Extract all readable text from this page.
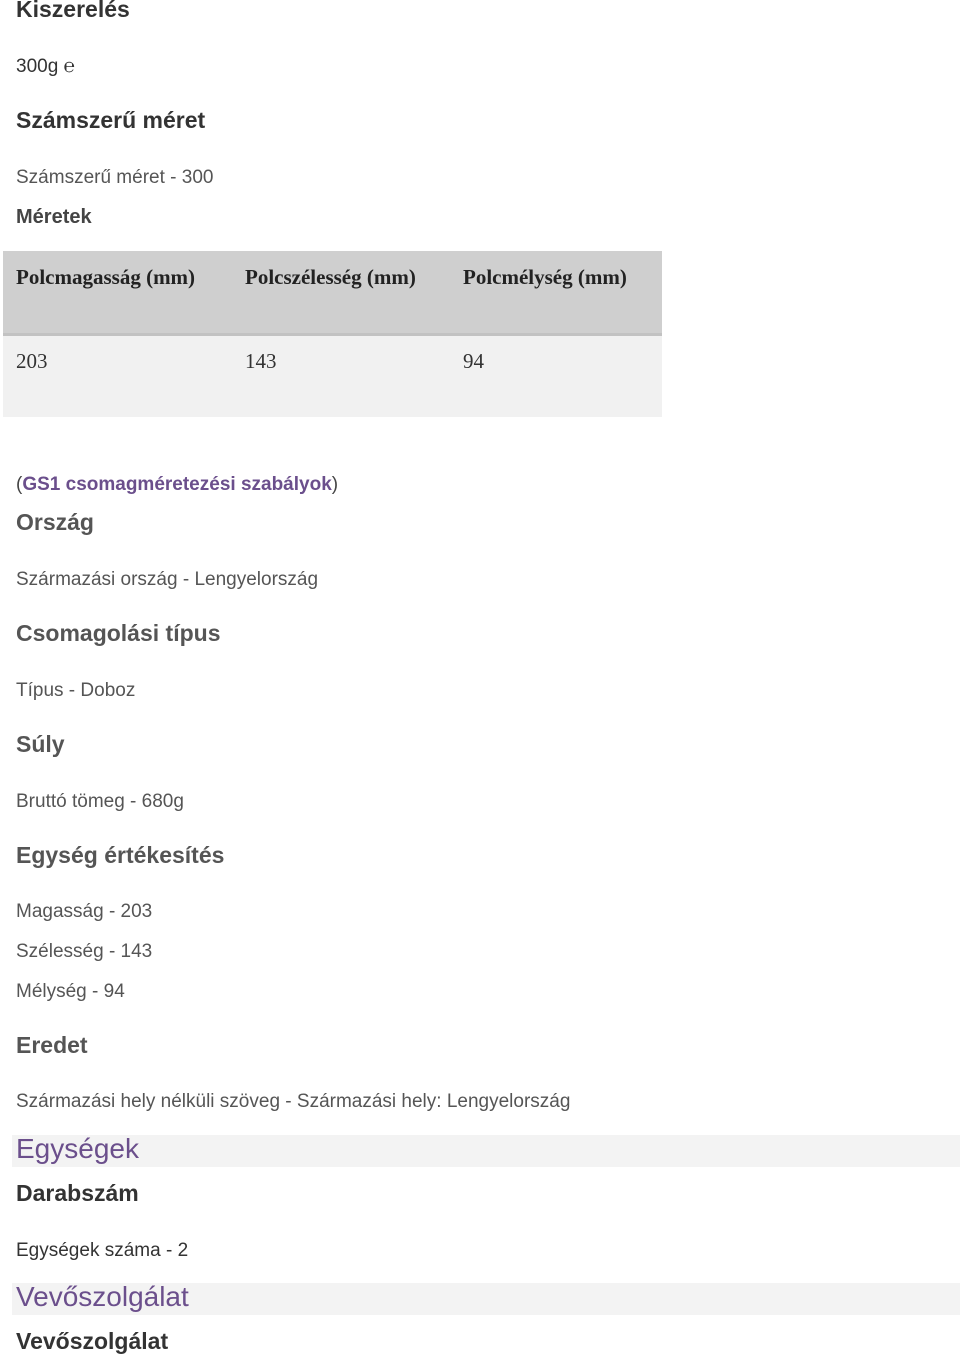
Kiszerelés
300g ℮
Számszerű méret
Számszerű méret - 300
Méretek
Polcmagasság (mm) Polcszélesség (mm) Polcmélység (mm)
203	143	94
(GS1 csomagméretezési szabályok)
Ország
Származási ország - Lengyelország
Csomagolási típus
Típus - Doboz
Súly
Bruttó tömeg - 680g
Egység értékesítés
Magasság - 203
Szélesség - 143
Mélység - 94
Eredet
Származási hely nélküli szöveg - Származási hely: Lengyelország
Egységek
Darabszám
Egységek száma - 2
Vevőszolgálat
Vevőszolgálat
